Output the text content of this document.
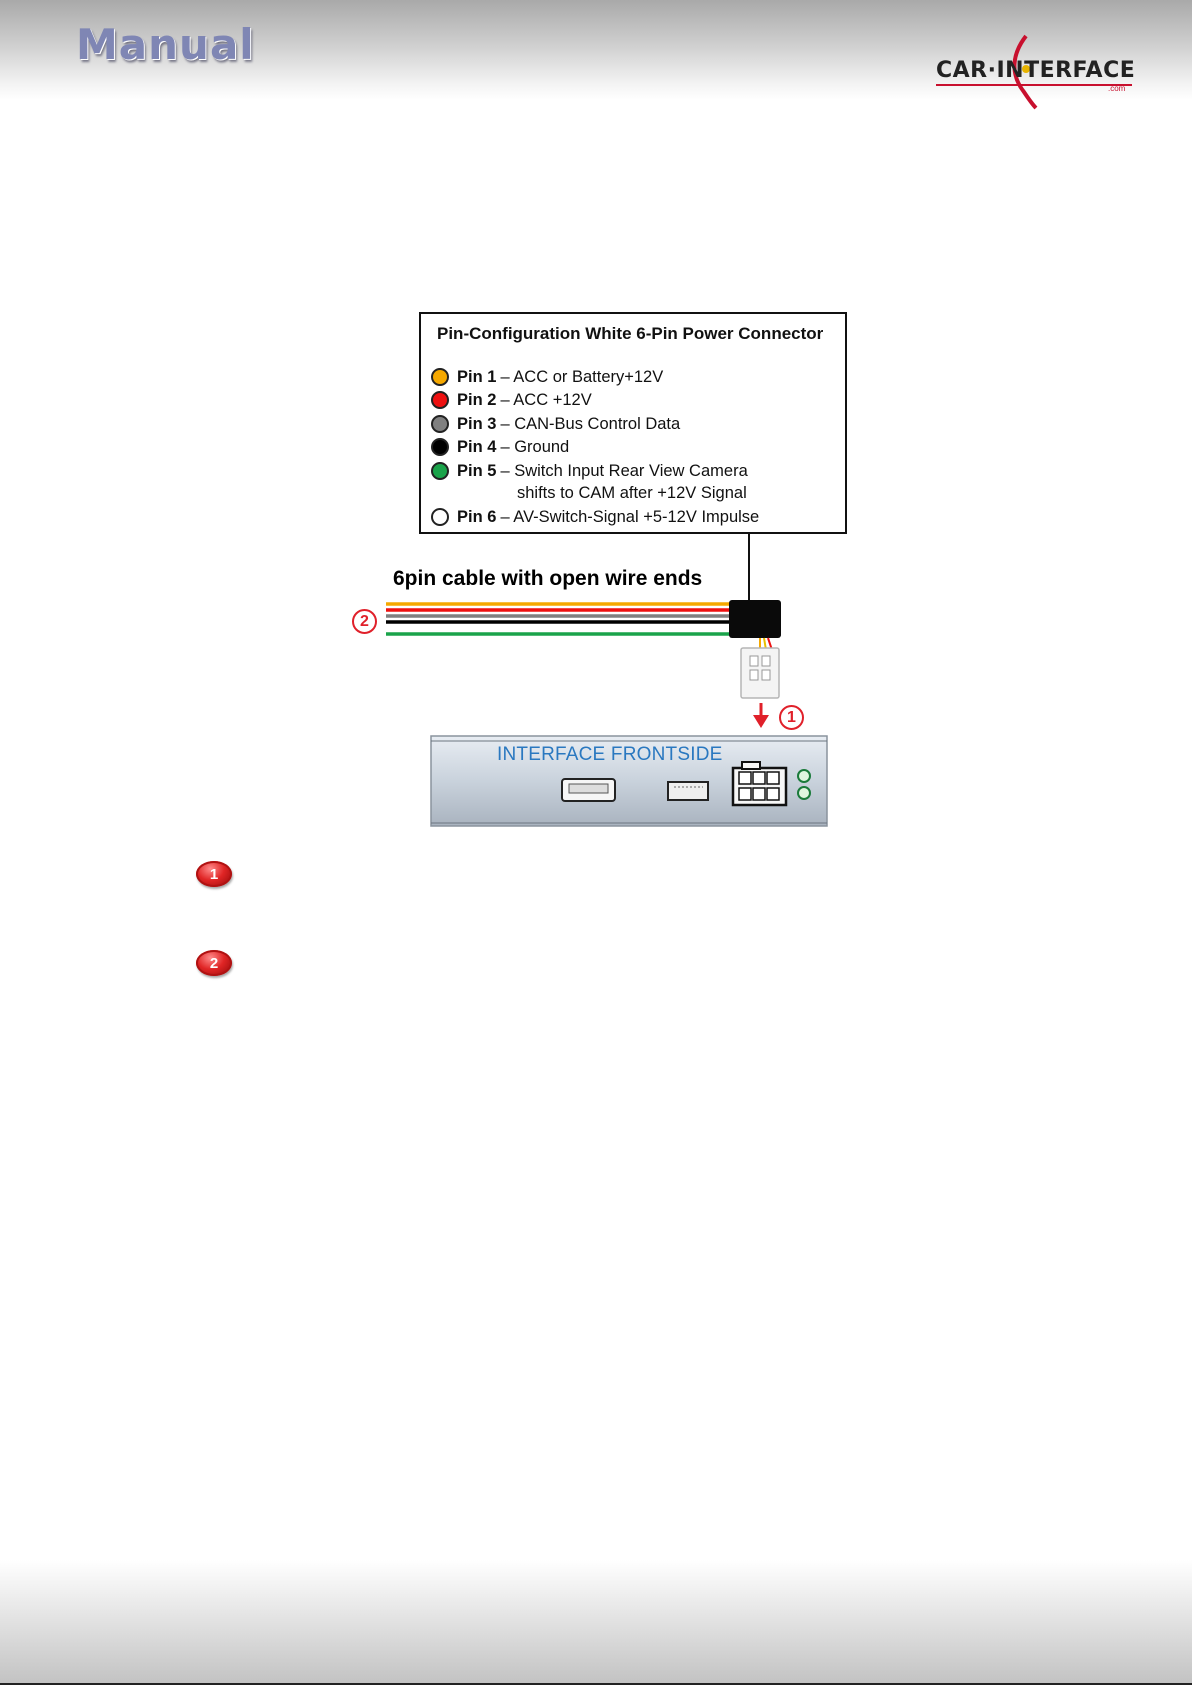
Manual
CAR·INTERFACE
.com
Pin-Configuration White 6-Pin Power Connector
Pin 1 – ACC or Battery+12V
Pin 2 – ACC +12V
Pin 3 – CAN-Bus Control Data
Pin 4 – Ground
Pin 5 – Switch Input Rear View Camera
shifts to CAM after +12V Signal
Pin 6 – AV-Switch-Signal +5-12V Impulse
6pin cable with open wire ends
INTERFACE FRONTSIDE
2
1
1
2
